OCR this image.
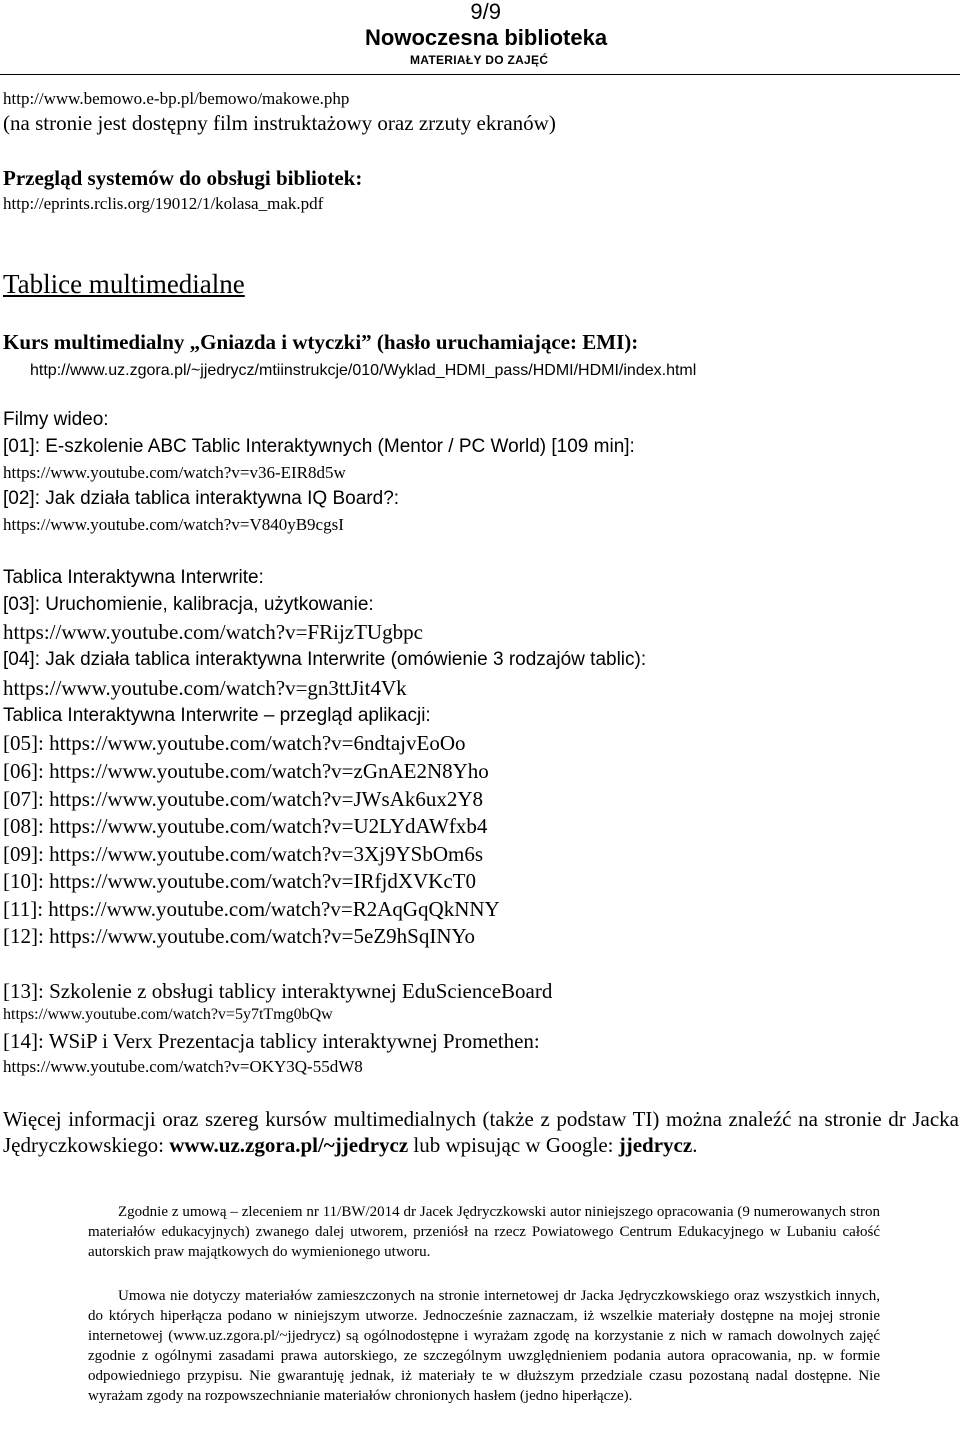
9/9
Nowoczesna biblioteka
MATERIAŁY DO ZAJĘĆ
http://www.bemowo.e-bp.pl/bemowo/makowe.php
(na stronie jest dostępny film instruktażowy oraz zrzuty ekranów)
Przegląd systemów do obsługi bibliotek:
http://eprints.rclis.org/19012/1/kolasa_mak.pdf
Tablice multimedialne
Kurs multimedialny „Gniazda i wtyczki” (hasło uruchamiające: EMI):
http://www.uz.zgora.pl/~jjedrycz/mtiinstrukcje/010/Wyklad_HDMI_pass/HDMI/HDMI/index.html
Filmy wideo:
[01]: E-szkolenie ABC Tablic Interaktywnych (Mentor / PC World) [109 min]:
https://www.youtube.com/watch?v=v36-EIR8d5w
[02]: Jak działa tablica interaktywna IQ Board?:
https://www.youtube.com/watch?v=V840yB9cgsI
Tablica Interaktywna Interwrite:
[03]: Uruchomienie, kalibracja, użytkowanie:
https://www.youtube.com/watch?v=FRijzTUgbpc
[04]: Jak działa tablica interaktywna Interwrite (omówienie 3 rodzajów tablic):
https://www.youtube.com/watch?v=gn3ttJit4Vk
Tablica Interaktywna Interwrite – przegląd aplikacji:
[05]: https://www.youtube.com/watch?v=6ndtajvEoOo
[06]: https://www.youtube.com/watch?v=zGnAE2N8Yho
[07]: https://www.youtube.com/watch?v=JWsAk6ux2Y8
[08]: https://www.youtube.com/watch?v=U2LYdAWfxb4
[09]: https://www.youtube.com/watch?v=3Xj9YSbOm6s
[10]: https://www.youtube.com/watch?v=IRfjdXVKcT0
[11]: https://www.youtube.com/watch?v=R2AqGqQkNNY
[12]: https://www.youtube.com/watch?v=5eZ9hSqINYo
[13]: Szkolenie z obsługi tablicy interaktywnej EduScienceBoard
https://www.youtube.com/watch?v=5y7tTmg0bQw
[14]: WSiP i Verx Prezentacja tablicy interaktywnej Promethen:
https://www.youtube.com/watch?v=OKY3Q-55dW8
Więcej informacji oraz szereg kursów multimedialnych (także z podstaw TI) można znaleźć na stronie dr Jacka Jędryczkowskiego: www.uz.zgora.pl/~jjedrycz lub wpisując w Google: jjedrycz.
Zgodnie z umową – zleceniem nr 11/BW/2014 dr Jacek Jędryczkowski autor niniejszego opracowania (9 numerowanych stron materiałów edukacyjnych) zwanego dalej utworem, przeniósł na rzecz Powiatowego Centrum Edukacyjnego w Lubaniu całość autorskich praw majątkowych do wymienionego utworu.
Umowa nie dotyczy materiałów zamieszczonych na stronie internetowej dr Jacka Jędryczkowskiego oraz wszystkich innych, do których hiperłącza podano w niniejszym utworze. Jednocześnie zaznaczam, iż wszelkie materiały dostępne na mojej stronie internetowej (www.uz.zgora.pl/~jjedrycz) są ogólnodostępne i wyrażam zgodę na korzystanie z nich w ramach dowolnych zajęć zgodnie z ogólnymi zasadami prawa autorskiego, ze szczególnym uwzględnieniem podania autora opracowania, np. w formie odpowiedniego przypisu. Nie gwarantuję jednak, iż materiały te w dłuższym przedziale czasu pozostaną nadal dostępne. Nie wyrażam zgody na rozpowszechnianie materiałów chronionych hasłem (jedno hiperłącze).
